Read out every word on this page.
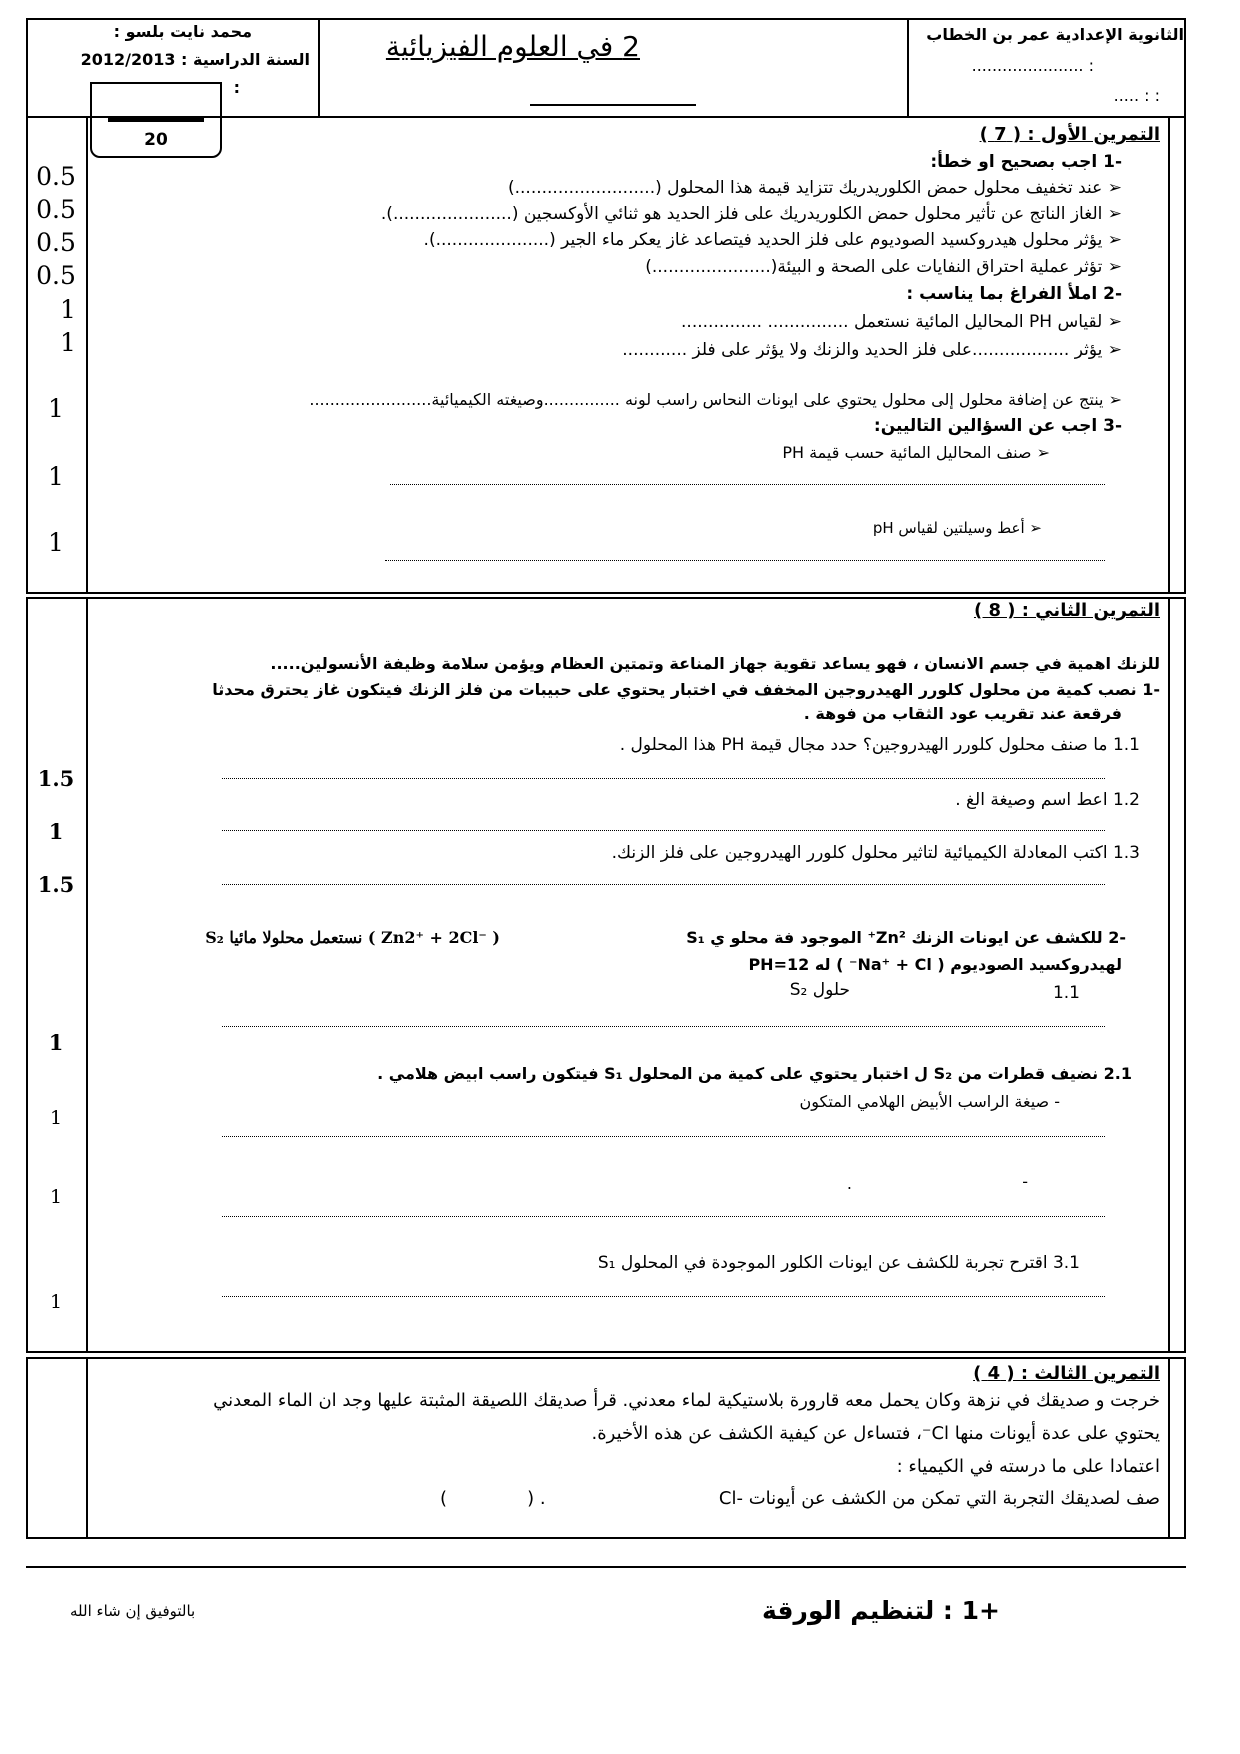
محمد نايت بلسو :
السنة الدراسية : 2012/2013
:
2 في العلوم الفيزيائية	الثانوية الإعدادية عمر بن الخطاب
...................... :
..... : :
20	التمرين الأول : ( 7 )
-1 اجب بصحيح او خطأ:
➢ عند تخفيف محلول حمض الكلوريدريك تتزايد قيمة هذا المحلول (..........................)
➢ الغاز الناتج عن تأثير محلول حمض الكلوريدريك على فلز الحديد هو ثنائي الأوكسجين (......................).
➢ يؤثر محلول هيدروكسيد الصوديوم على فلز الحديد فيتصاعد غاز يعكر ماء الجير (.....................).
➢ تؤثر عملية احتراق النفايات على الصحة و البيئة(......................)
-2 املأ الفراغ بما يناسب :
➢ لقياس PH المحاليل المائية نستعمل ............... ...............
➢ يؤثر ..................على فلز الحديد والزنك ولا يؤثر على فلز ............
➢ ينتج عن إضافة محلول إلى محلول يحتوي على ايونات النحاس راسب لونه ...............وصيغته الكيميائية........................
-3 اجب عن السؤالين التاليين:
➢ صنف المحاليل المائية حسب قيمة PH
➢ أعط وسيلتين لقياس pH
0.5
0.5
0.5
0.5
1
1
1
1
1
التمرين الثاني : ( 8 )
للزنك اهمية في جسم الانسان ، فهو يساعد تقوية جهاز المناعة وتمتين العظام ويؤمن سلامة وظيفة الأنسولين.....
-1 نصب كمية من محلول كلورر الهيدروجين المخفف في اختبار يحتوي على حبيبات من فلز الزنك فيتكون غاز يحترق محدثا
فرقعة عند تقريب عود الثقاب من فوهة .
1.1 ما صنف محلول كلورر الهيدروجين؟ حدد مجال قيمة PH هذا المحلول .
1.2 اعط اسم وصيغة الغ .
1.3 اكتب المعادلة الكيميائية لتاثير محلول كلورر الهيدروجين على فلز الزنك.
-2 للكشف عن ايونات الزنك Zn²⁺ الموجود فة محلو ي S₁
S₂ نستعمل محلولا مائيا ( Zn2⁺ + 2Cl⁻ )
لهيدروكسيد الصوديوم ( Na⁺ + Cl⁻ ) له PH=12
1.1
حلول S₂
2.1 نضيف قطرات من S₂ ل اختبار يحتوي على كمية من المحلول S₁ فيتكون راسب ابيض هلامي .
- صيغة الراسب الأبيض الهلامي المتكون
-
.
3.1 اقترح تجربة للكشف عن ايونات الكلور الموجودة في المحلول S₁
1.5
1
1.5
1
1
1
1
التمرين الثالث : ( 4 )
خرجت و صديقك في نزهة وكان يحمل معه قارورة بلاستيكية لماء معدني. قرأ صديقك اللصيقة المثبتة عليها وجد ان الماء المعدني
يحتوي على عدة أيونات منها Cl⁻، فتساءل عن كيفية الكشف عن هذه الأخيرة.
اعتمادا على ما درسته في الكيمياء :
صف لصديقك التجربة التي تمكن من الكشف عن أيونات -Cl
(              ) .
+1 : لتنظيم الورقة
بالتوفيق إن شاء الله
